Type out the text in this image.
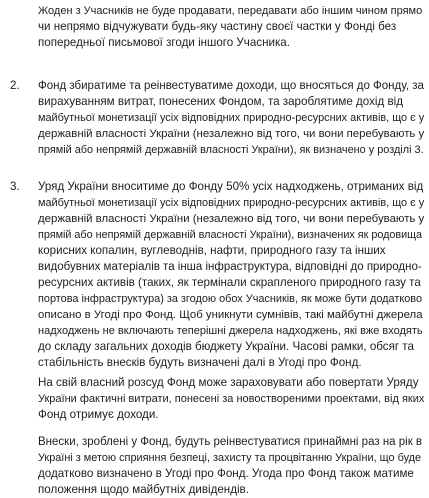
Жоден з Учасників не буде продавати, передавати або іншим чином прямо
чи непрямо відчужувати будь-яку частину своєї частки у Фонді без
попередньої письмової згоди іншого Учасника.
2.	Фонд збиратиме та реінвестуватиме доходи, що вносяться до Фонду, за
вирахуванням витрат, понесених Фондом, та зароблятиме дохід від
майбутньої монетизації усіх відповідних природно-ресурсних активів, що є у
державній власності України (незалежно від того, чи вони перебувають у
прямій або непрямій державній власності України), як визначено у розділі 3.
3.	Уряд України вноситиме до Фонду 50% усіх надходжень, отриманих від
майбутньої монетизації усіх відповідних природно-ресурсних активів, що є у
державній власності України (незалежно від того, чи вони перебувають у
прямій або непрямій державній власності України), визначених як родовища
корисних копалин, вуглеводнів, нафти, природного газу та інших
видобувних матеріалів та інша інфраструктура, відповідні до природно-
ресурсних активів (таких, як термінали скрапленого природного газу та
портова інфраструктура) за згодою обох Учасників, як може бути додатково
описано в Угоді про Фонд. Щоб уникнути сумнівів, такі майбутні джерела
надходжень не включають теперішні джерела надходжень, які вже входять
до складу загальних доходів бюджету України. Часові рамки, обсяг та
стабільність внесків будуть визначені далі в Угоді про Фонд.
На свій власний розсуд Фонд може зараховувати або повертати Уряду
України фактичні витрати, понесені за новоствореними проектами, від яких
Фонд отримує доходи.
Внески, зроблені у Фонд, будуть реінвестуватися принаймні раз на рік в
Україні з метою сприяння безпеці, захисту та процвітанню України, що буде
додатково визначено в Угоді про Фонд. Угода про Фонд також матиме
положення щодо майбутніх дивідендів.
